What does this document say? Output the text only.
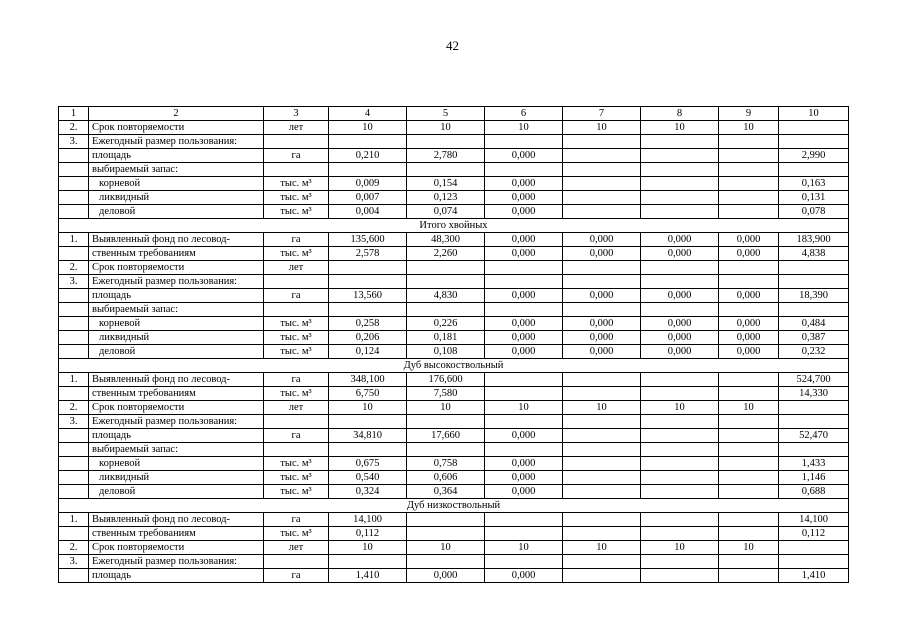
42
1	2	3	4	5	6	7	8	9	10
2.	Срок повторяемости	лет	10	10	10	10	10	10	
3.	Ежегодный размер пользования:								
	площадь	га	0,210	2,780	0,000				2,990
	выбираемый запас:								
	корневой	тыс. м³	0,009	0,154	0,000				0,163
	ликвидный	тыс. м³	0,007	0,123	0,000				0,131
	деловой	тыс. м³	0,004	0,074	0,000				0,078
Итого хвойных									
1.	Выявленный фонд по лесовод-	га	135,600	48,300	0,000	0,000	0,000	0,000	183,900
	ственным требованиям	тыс. м³	2,578	2,260	0,000	0,000	0,000	0,000	4,838
2.	Срок повторяемости	лет							
3.	Ежегодный размер пользования:								
	площадь	га	13,560	4,830	0,000	0,000	0,000	0,000	18,390
	выбираемый запас:								
	корневой	тыс. м³	0,258	0,226	0,000	0,000	0,000	0,000	0,484
	ликвидный	тыс. м³	0,206	0,181	0,000	0,000	0,000	0,000	0,387
	деловой	тыс. м³	0,124	0,108	0,000	0,000	0,000	0,000	0,232
Дуб высокоствольный									
1.	Выявленный фонд по лесовод-	га	348,100	176,600					524,700
	ственным требованиям	тыс. м³	6,750	7,580					14,330
2.	Срок повторяемости	лет	10	10	10	10	10	10	
3.	Ежегодный размер пользования:								
	площадь	га	34,810	17,660	0,000				52,470
	выбираемый запас:								
	корневой	тыс. м³	0,675	0,758	0,000				1,433
	ликвидный	тыс. м³	0,540	0,606	0,000				1,146
	деловой	тыс. м³	0,324	0,364	0,000				0,688
Дуб низкоствольный									
1.	Выявленный фонд по лесовод-	га	14,100						14,100
	ственным требованиям	тыс. м³	0,112						0,112
2.	Срок повторяемости	лет	10	10	10	10	10	10	
3.	Ежегодный размер пользования:								
	площадь	га	1,410	0,000	0,000				1,410
